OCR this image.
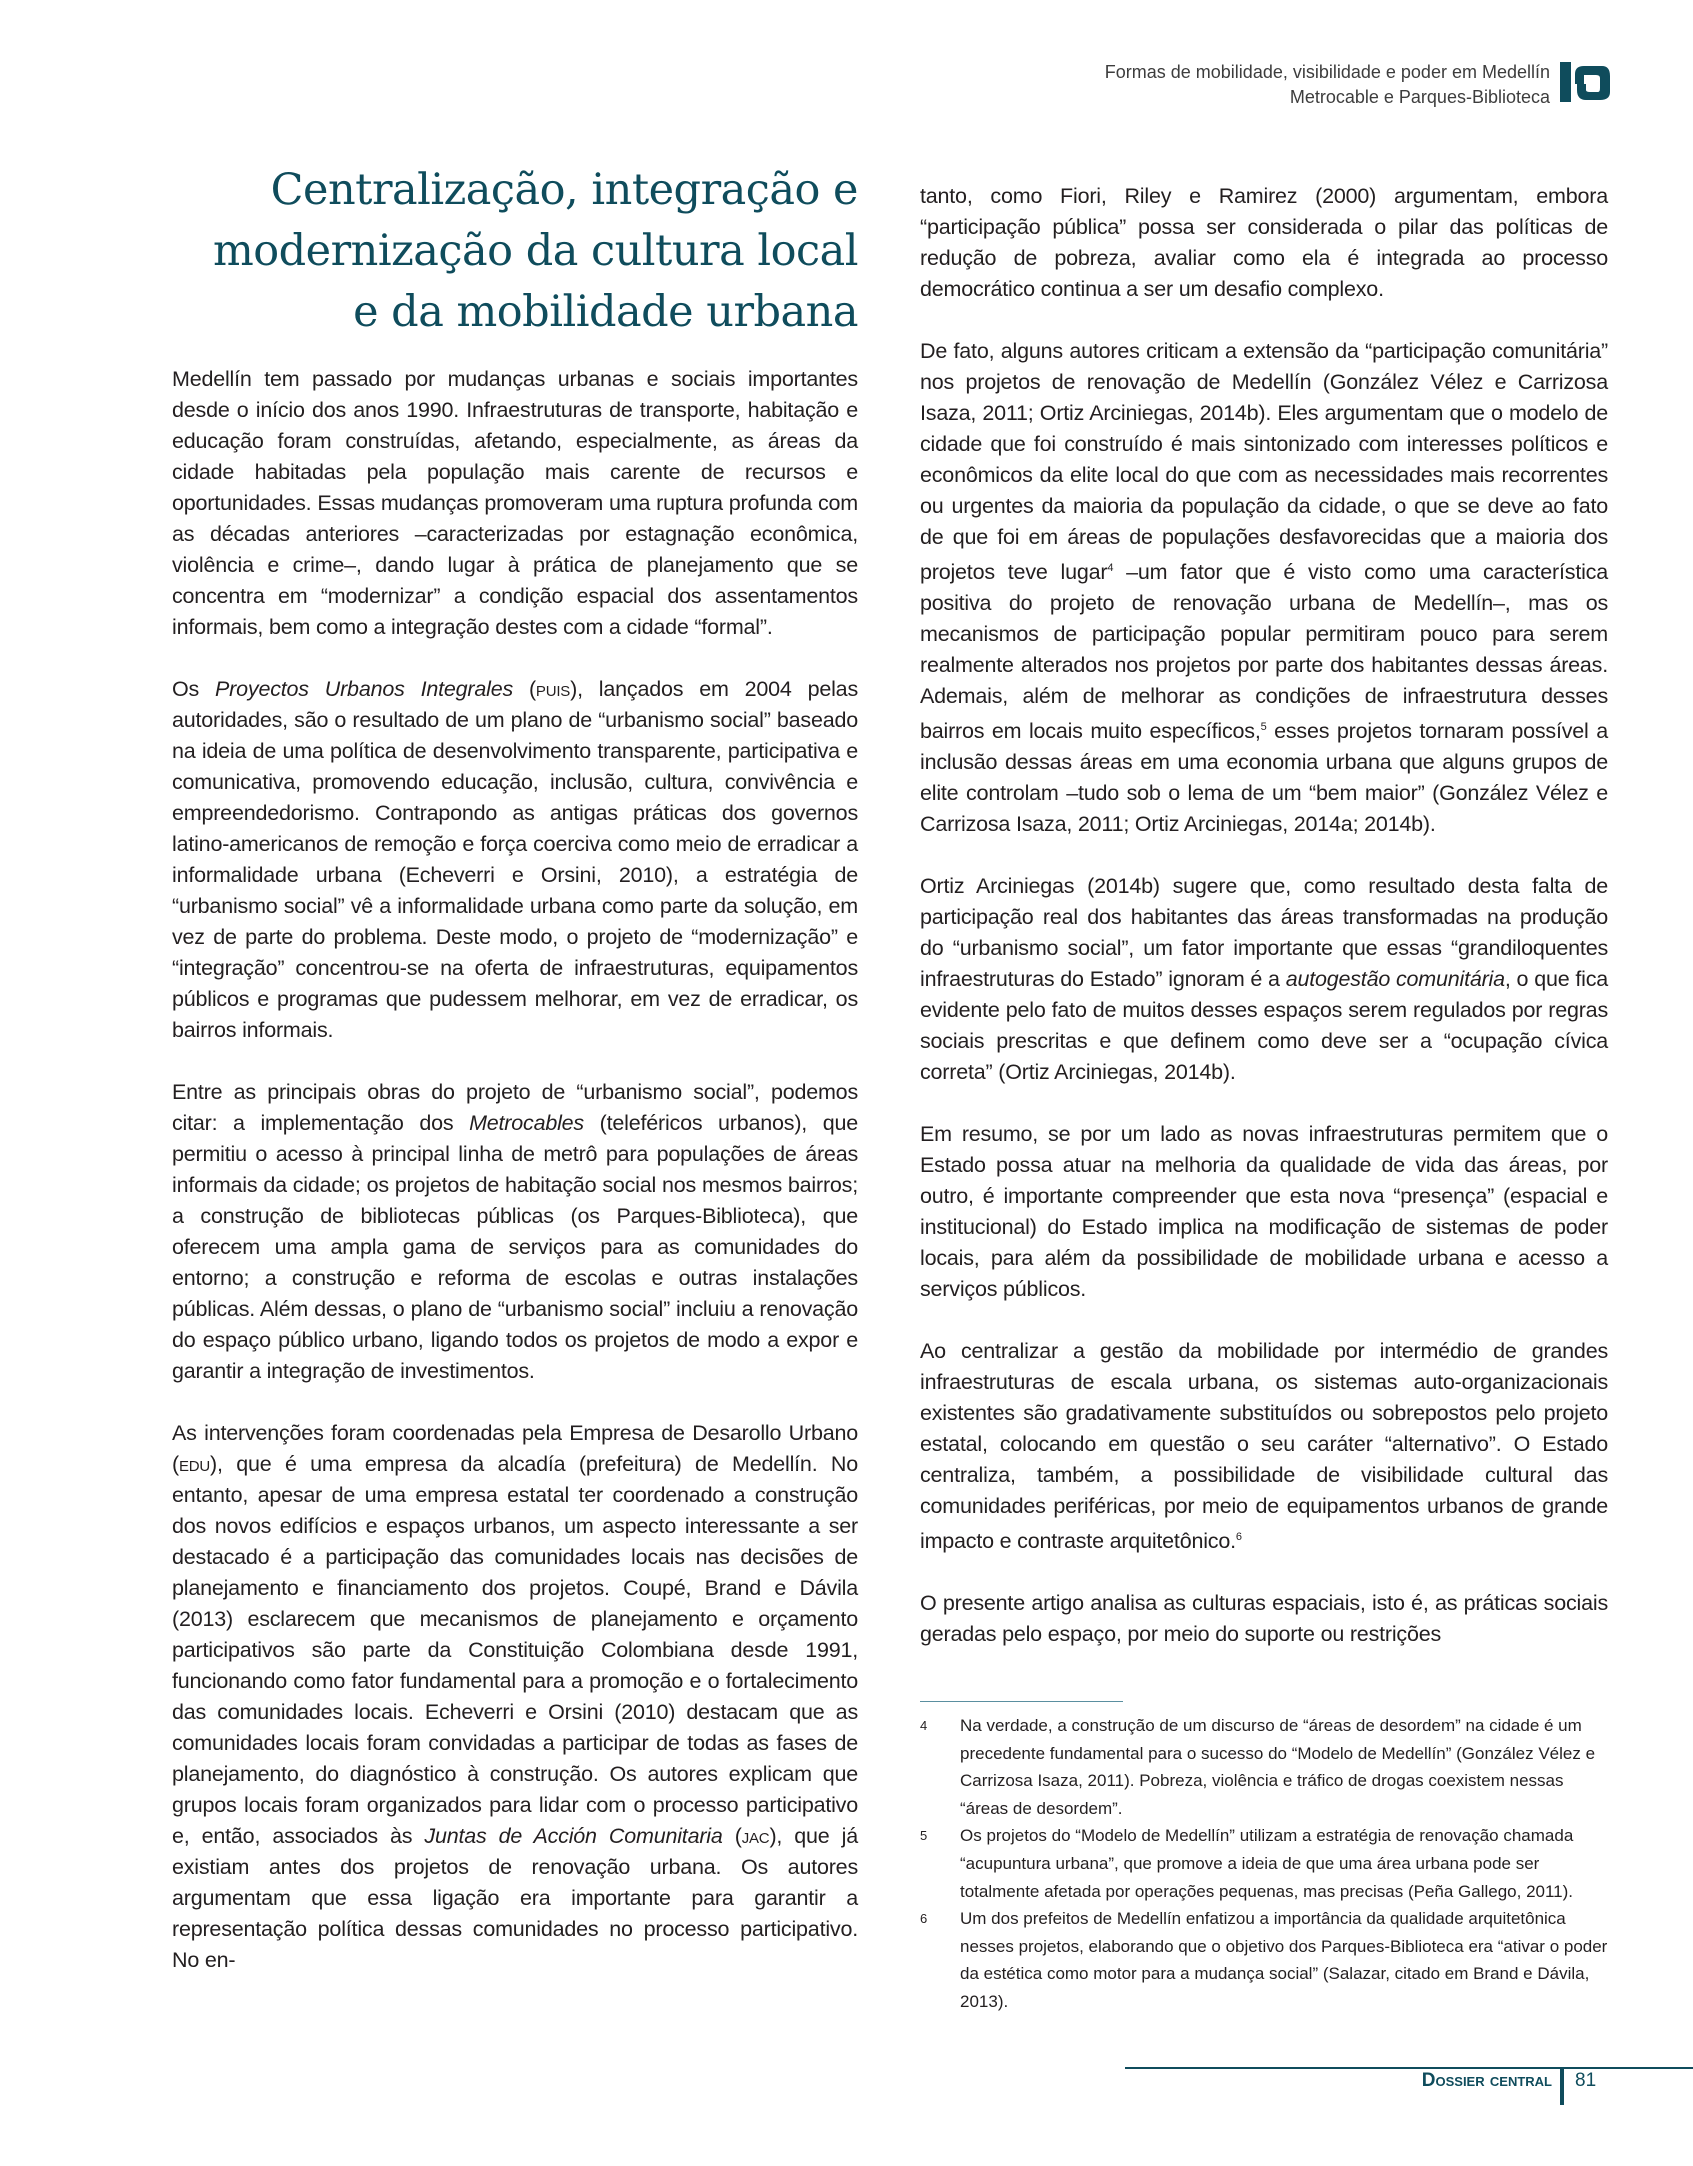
Formas de mobilidade, visibilidade e poder em Medellín
Metrocable e Parques-Biblioteca
Centralização, integração e
modernização da cultura local
e da mobilidade urbana

Medellín tem passado por mudanças urbanas e sociais importantes desde o início dos anos 1990. Infraestruturas de transporte, habitação e educação foram construídas, afetando, especialmente, as áreas da cidade habitadas pela população mais carente de recursos e oportunidades. Essas mudanças promoveram uma ruptura profunda com as décadas anteriores –caracterizadas por estagnação econômica, violência e crime–, dando lugar à prática de planejamento que se concentra em “modernizar” a condição espacial dos assentamentos informais, bem como a integração destes com a cidade “formal”.

Os Proyectos Urbanos Integrales (puis), lançados em 2004 pelas autoridades, são o resultado de um plano de “urbanismo social” baseado na ideia de uma política de desenvolvimento transparente, participativa e comunicativa, promovendo educação, inclusão, cultura, convivência e empreendedorismo. Contrapondo as antigas práticas dos governos latino-americanos de remoção e força coerciva como meio de erradicar a informalidade urbana (Echeverri e Orsini, 2010), a estratégia de “urbanismo social” vê a informalidade urbana como parte da solução, em vez de parte do problema. Deste modo, o projeto de “modernização” e “integração” concentrou-se na oferta de infraestruturas, equipamentos públicos e programas que pudessem melhorar, em vez de erradicar, os bairros informais.

Entre as principais obras do projeto de “urbanismo social”, podemos citar: a implementação dos Metrocables (teleféricos urbanos), que permitiu o acesso à principal linha de metrô para populações de áreas informais da cidade; os projetos de habitação social nos mesmos bairros; a construção de bibliotecas públicas (os Parques-Biblioteca), que oferecem uma ampla gama de serviços para as comunidades do entorno; a construção e reforma de escolas e outras instalações públicas. Além dessas, o plano de “urbanismo social” incluiu a renovação do espaço público urbano, ligando todos os projetos de modo a expor e garantir a integração de investimentos.

As intervenções foram coordenadas pela Empresa de Desarollo Urbano (edu), que é uma empresa da alcadía (prefeitura) de Medellín. No entanto, apesar de uma empresa estatal ter coordenado a construção dos novos edifícios e espaços urbanos, um aspecto interessante a ser destacado é a participação das comunidades locais nas decisões de planejamento e financiamento dos projetos. Coupé, Brand e Dávila (2013) esclarecem que mecanismos de planejamento e orçamento participativos são parte da Constituição Colombiana desde 1991, funcionando como fator fundamental para a promoção e o fortalecimento das comunidades locais. Echeverri e Orsini (2010) destacam que as comunidades locais foram convidadas a participar de todas as fases de planejamento, do diagnóstico à construção. Os autores explicam que grupos locais foram organizados para lidar com o processo participativo e, então, associados às Juntas de Acción Comunitaria (jac), que já existiam antes dos projetos de renovação urbana. Os autores argumentam que essa ligação era importante para garantir a representação política dessas comunidades no processo participativo. No en-

tanto, como Fiori, Riley e Ramirez (2000) argumentam, embora “participação pública” possa ser considerada o pilar das políticas de redução de pobreza, avaliar como ela é integrada ao processo democrático continua a ser um desafio complexo.

De fato, alguns autores criticam a extensão da “participação comunitária” nos projetos de renovação de Medellín (González Vélez e Carrizosa Isaza, 2011; Ortiz Arciniegas, 2014b). Eles argumentam que o modelo de cidade que foi construído é mais sintonizado com interesses políticos e econômicos da elite local do que com as necessidades mais recorrentes ou urgentes da maioria da população da cidade, o que se deve ao fato de que foi em áreas de populações desfavorecidas que a maioria dos projetos teve lugar$^4$ –um fator que é visto como uma característica positiva do projeto de renovação urbana de Medellín–, mas os mecanismos de participação popular permitiram pouco para serem realmente alterados nos projetos por parte dos habitantes dessas áreas. Ademais, além de melhorar as condições de infraestrutura desses bairros em locais muito específicos,$^5$ esses projetos tornaram possível a inclusão dessas áreas em uma economia urbana que alguns grupos de elite controlam –tudo sob o lema de um “bem maior” (González Vélez e Carrizosa Isaza, 2011; Ortiz Arciniegas, 2014a; 2014b).

Ortiz Arciniegas (2014b) sugere que, como resultado desta falta de participação real dos habitantes das áreas transformadas na produção do “urbanismo social”, um fator importante que essas “grandiloquentes infraestruturas do Estado” ignoram é a autogestão comunitária, o que fica evidente pelo fato de muitos desses espaços serem regulados por regras sociais prescritas e que definem como deve ser a “ocupação cívica correta” (Ortiz Arciniegas, 2014b).

Em resumo, se por um lado as novas infraestruturas permitem que o Estado possa atuar na melhoria da qualidade de vida das áreas, por outro, é importante compreender que esta nova “presença” (espacial e institucional) do Estado implica na modificação de sistemas de poder locais, para além da possibilidade de mobilidade urbana e acesso a serviços públicos.

Ao centralizar a gestão da mobilidade por intermédio de grandes infraestruturas de escala urbana, os sistemas auto-organizacionais existentes são gradativamente substituídos ou sobrepostos pelo projeto estatal, colocando em questão o seu caráter “alternativo”. O Estado centraliza, também, a possibilidade de visibilidade cultural das comunidades periféricas, por meio de equipamentos urbanos de grande impacto e contraste arquitetônico.$^6$

O presente artigo analisa as culturas espaciais, isto é, as práticas sociais geradas pelo espaço, por meio do suporte ou restrições

4	Na verdade, a construção de um discurso de “áreas de desordem” na cidade é um precedente fundamental para o sucesso do “Modelo de Medellín” (González Vélez e Carrizosa Isaza, 2011). Pobreza, violência e tráfico de drogas coexistem nessas “áreas de desordem”.
5	Os projetos do “Modelo de Medellín” utilizam a estratégia de renovação chamada “acupuntura urbana”, que promove a ideia de que uma área urbana pode ser totalmente afetada por operações pequenas, mas precisas (Peña Gallego, 2011).
6	Um dos prefeitos de Medellín enfatizou a importância da qualidade arquitetônica nesses projetos, elaborando que o objetivo dos Parques-Biblioteca era “ativar o poder da estética como motor para a mudança social” (Salazar, citado em Brand e Dávila, 2013).
Dossier central 81
